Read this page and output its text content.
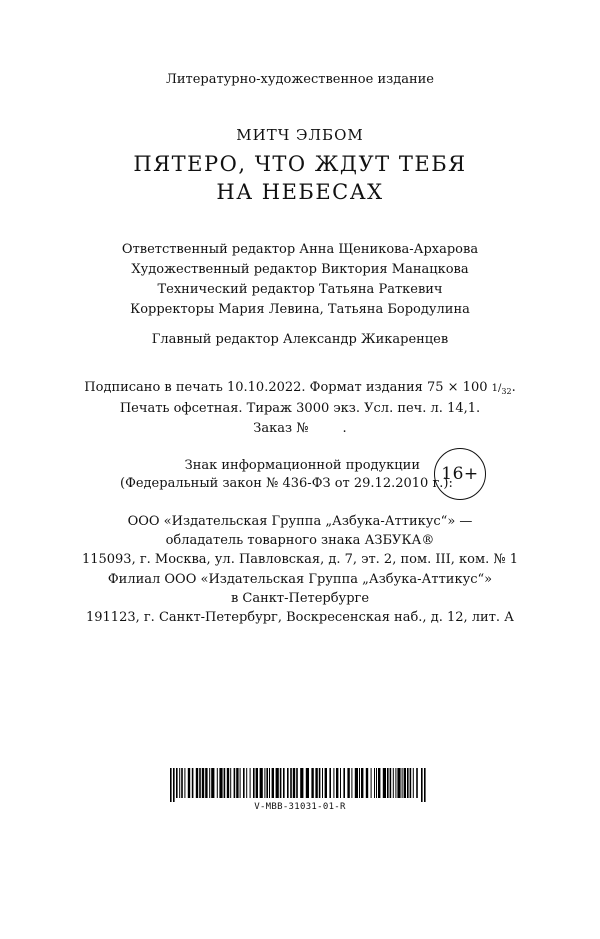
Литературно-художественное издание
МИТЧ ЭЛБОМ
ПЯТЕРО, ЧТО ЖДУТ ТЕБЯ
НА НЕБЕСАХ
Ответственный редактор Анна Щеникова-Архарова
Художественный редактор Виктория Манацкова
Технический редактор Татьяна Раткевич
Корректоры Мария Левина, Татьяна Бородулина
Главный редактор Александр Жикаренцев
Подписано в печать 10.10.2022. Формат издания 75 × 100 $1/_{32}$.
Печать офсетная. Тираж 3000 экз. Усл. печ. л. 14,1.
Заказ №	.
Знак информационной продукции
(Федеральный закон № 436-ФЗ от 29.12.2010 г.):
16+
ООО «Издательская Группа „Азбука-Аттикус“» —
обладатель товарного знака АЗБУКА®
115093, г. Москва, ул. Павловская, д. 7, эт. 2, пом. III, ком. № 1
Филиал ООО «Издательская Группа „Азбука-Аттикус“»
в Санкт-Петербурге
191123, г. Санкт-Петербург, Воскресенская наб., д. 12, лит. А
V-MBB-31031-01-R
